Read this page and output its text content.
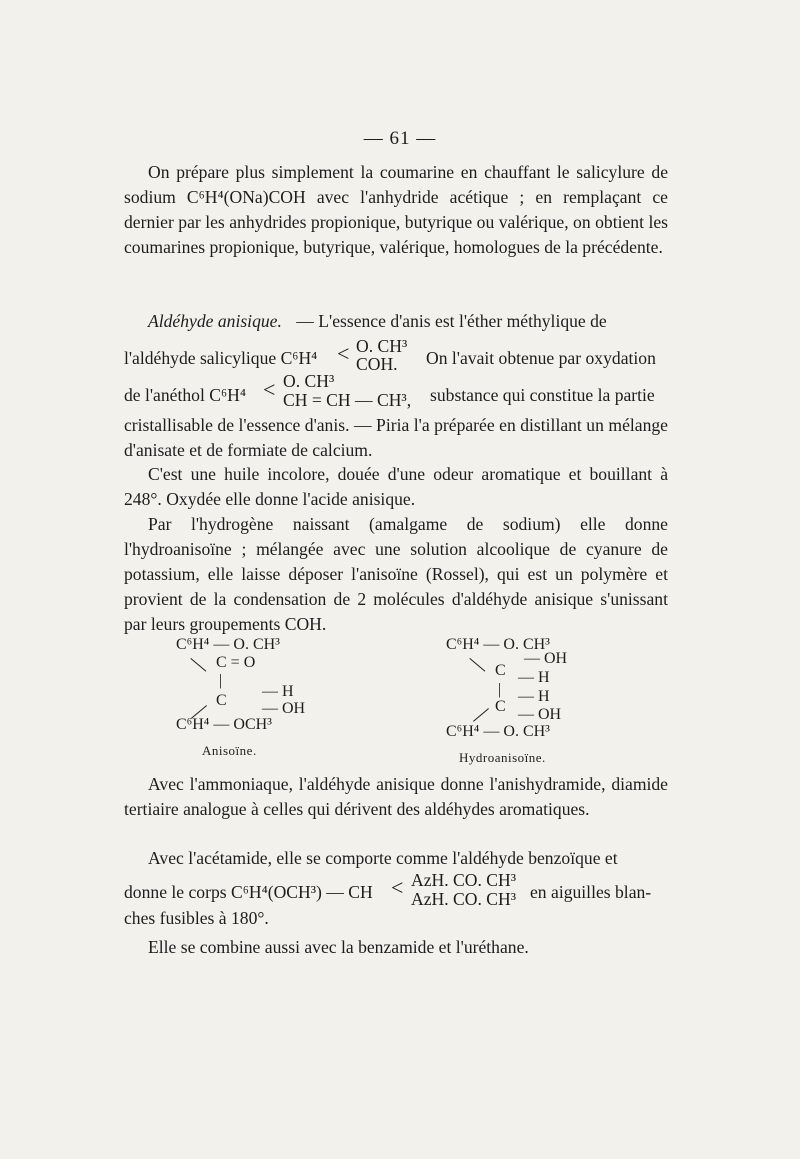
— 61 —
On prépare plus simplement la coumarine en chauffant le salicylure de sodium C⁶H⁴(ONa)COH avec l'anhydride acétique ; en remplaçant ce dernier par les anhydrides propionique, butyrique ou valérique, on obtient les coumarines propionique, butyrique, valérique, homologues de la précédente.
Aldéhyde anisique. — L'essence d'anis est l'éther méthylique de
l'aldéhyde salicylique C⁶H⁴ < O. CH³
COH. On l'avait obtenue par oxydation
de l'anéthol C⁶H⁴ < O. CH³
CH = CH — CH³, substance qui constitue la partie
cristallisable de l'essence d'anis. — Piria l'a préparée en distillant un mélange d'anisate et de formiate de calcium.
C'est une huile incolore, douée d'une odeur aromatique et bouillant à 248°. Oxydée elle donne l'acide anisique.
Par l'hydrogène naissant (amalgame de sodium) elle donne l'hydroanisoïne ; mélangée avec une solution alcoolique de cyanure de potassium, elle laisse déposer l'anisoïne (Rossel), qui est un polymère et provient de la condensation de 2 molécules d'aldéhyde anisique s'unissant par leurs groupements COH.
C⁶H⁴ — O. CH³
C = O
|
— H
C — OH
C⁶H⁴ — OCH³
Anisoïne.
C⁶H⁴ — O. CH³
— OH
C — H
| — H
C — OH
C⁶H⁴ — O. CH³
Hydroanisoïne.
Avec l'ammoniaque, l'aldéhyde anisique donne l'anishydramide, diamide tertiaire analogue à celles qui dérivent des aldéhydes aromatiques.
Avec l'acétamide, elle se comporte comme l'aldéhyde benzoïque et
donne le corps C⁶H⁴(OCH³) — CH < AzH. CO. CH³
AzH. CO. CH³ en aiguilles blan-
ches fusibles à 180°.
Elle se combine aussi avec la benzamide et l'uréthane.
